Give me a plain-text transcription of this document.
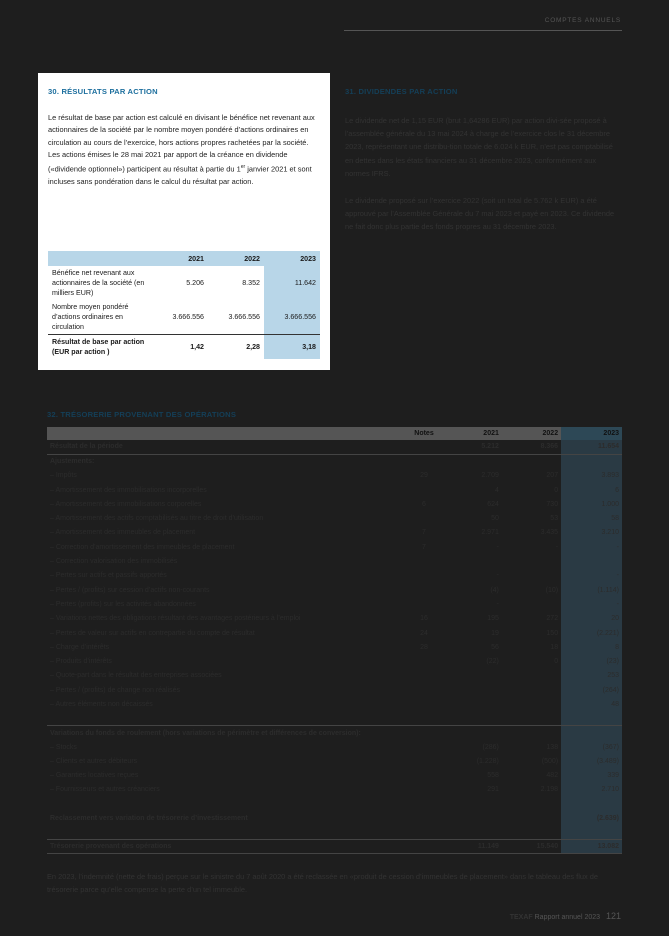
COMPTES ANNUELS
30. RÉSULTATS PAR ACTION

Le résultat de base par action est calculé en divisant le bénéfice net revenant aux actionnaires de la société par le nombre moyen pondéré d’actions ordinaires en circulation au cours de l’exercice, hors actions propres rachetées par la société. Les actions émises le 28 mai 2021 par apport de la créance en dividende («dividende optionnel») participent au résultat à partie du 1er janvier 2021 et sont incluses sans pondération dans le calcul du résultat par action.

	2021	2022	2023
Bénéfice net revenant aux actionnaires de la société (en milliers EUR)	5.206	8.352	11.642
Nombre moyen pondéré d’actions ordinaires en circulation	3.666.556	3.666.556	3.666.556
Résultat de base par action (EUR par action )	1,42	2,28	3,18
31. DIVIDENDES PAR ACTION

Le dividende net de 1,15 EUR (brut 1,64286 EUR) par action divi-sée proposé à l’assemblée générale du 13 mai 2024 à charge de l’exercice clos le 31 décembre 2023, représentant une distribu-tion totale de 6.024 k EUR, n’est pas comptabilisé en dettes dans les états financiers au 31 décembre 2023, conformément aux normes IFRS.

Le dividende proposé sur l’exercice 2022 (soit un total de 5.762 k EUR) a été approuvé par l’Assemblée Générale du 7 mai 2023 et payé en 2023. Ce dividende ne fait donc plus partie des fonds propres au 31 décembre 2023.

32. TRÉSORERIE PROVENANT DES OPÉRATIONS
	Notes	2021	2022	2023
Résultat de la période		5.212	8.366	11.654
Ajustements:				
– Impôts	29	2.709	207	3.893
– Amortissement des immobilisations incorporelles		4	0	6
– Amortissement des immobilisations corporelles	6	624	730	1.000
– Amortissement des actifs comptabilisés au titre de droit d’utilisation		50	53	58
– Amortissement des immeubles de placement	7	2.971	3.435	3.210
– Correction d’amortissement des immeubles de placement	7	-	-	-
– Correction valorisation des immobilisés				
– Pertes sur actifs et passifs apportés		-		-
– Pertes / (profits) sur cession d’actifs non-courants		(4)	(10)	(1.114)
– Pertes (profits) sur les activités abandonnées		-		-
– Variations nettes des obligations résultant des avantages postérieurs à l’emploi	16	195	272	20
– Pertes de valeur sur actifs en contrepartie du compte de résultat	24	19	150	(2.221)
– Charge d’intérêts	28	56	18	8
– Produits d’intérêts		(22)	0	(23)
– Quote-part dans le résultat des entreprises associées				253
– Pertes / (profits) de change non réalisés				(264)
– Autres éléments non décaissés				48

Variations du fonds de roulement (hors variations de périmètre et différences de conversion):				
– Stocks		(286)	138	(367)
– Clients et autres débiteurs		(1.228)	(500)	(3.489)
– Garanties locatives reçues		558	482	339
– Fournisseurs et autres créanciers		291	2.198	2.710

Reclassement vers variation de trésorerie d’investissement				(2.639)

Trésorerie provenant des opérations		11.149	15.540	13.082
En 2023, l’indemnité (nette de frais) perçue sur le sinistre du 7 août 2020 a été reclassée en «produit de cession d’immeubles de placement» dans le tableau des flux de trésorerie parce qu’elle compense la perte d’un tel immeuble.
TEXAF Rapport annuel 2023 121
